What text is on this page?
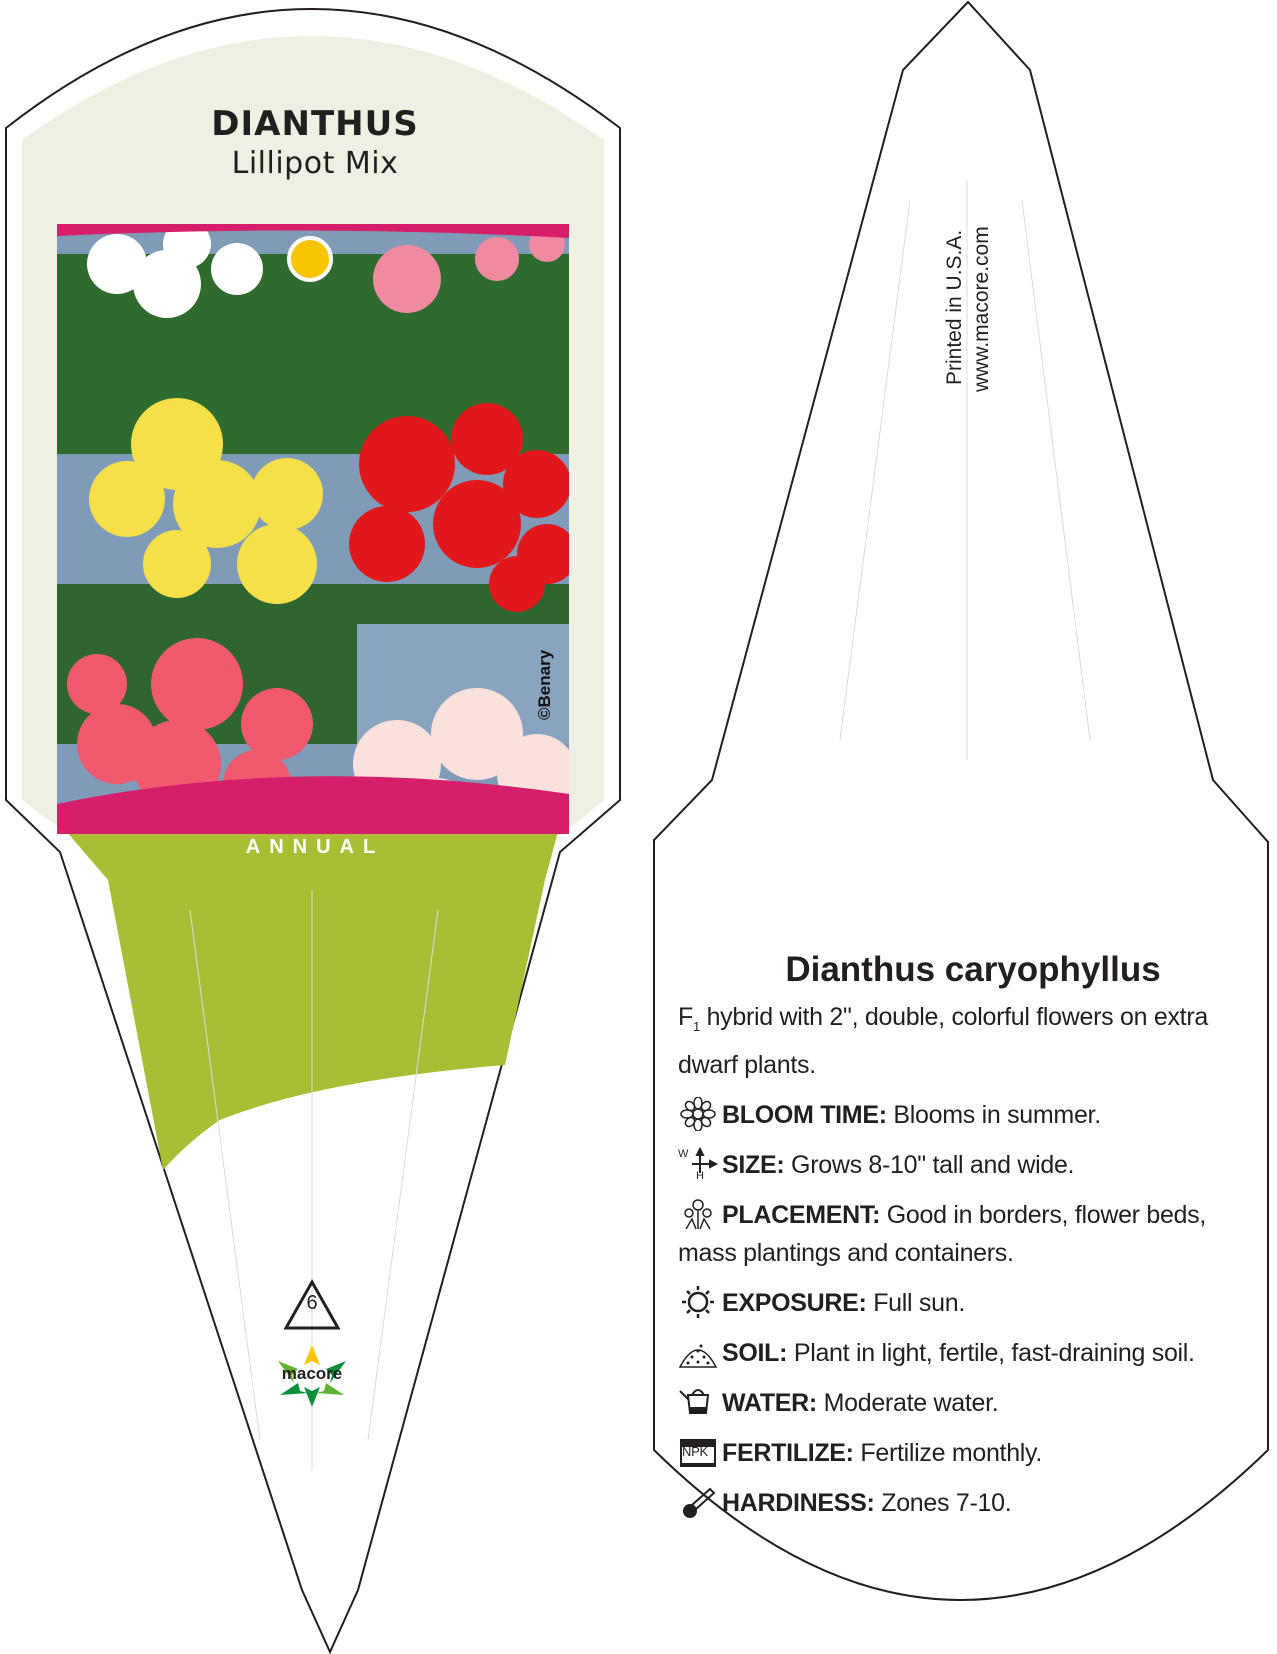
DIANTHUS
Lillipot Mix
©Benary
ANNUAL
6
macore
Printed in U.S.A. www.macore.com
Dianthus caryophyllus
$F_1$ hybrid with 2", double, colorful flowers on extra dwarf plants.
BLOOM TIME: Blooms in summer.
W
H SIZE: Grows 8-10" tall and wide.
PLACEMENT: Good in borders, flower beds, mass plantings and containers.
EXPOSURE: Full sun.
SOIL: Plant in light, fertile, fast-draining soil.
WATER: Moderate water.
NPK FERTILIZE: Fertilize monthly.
HARDINESS: Zones 7-10.
